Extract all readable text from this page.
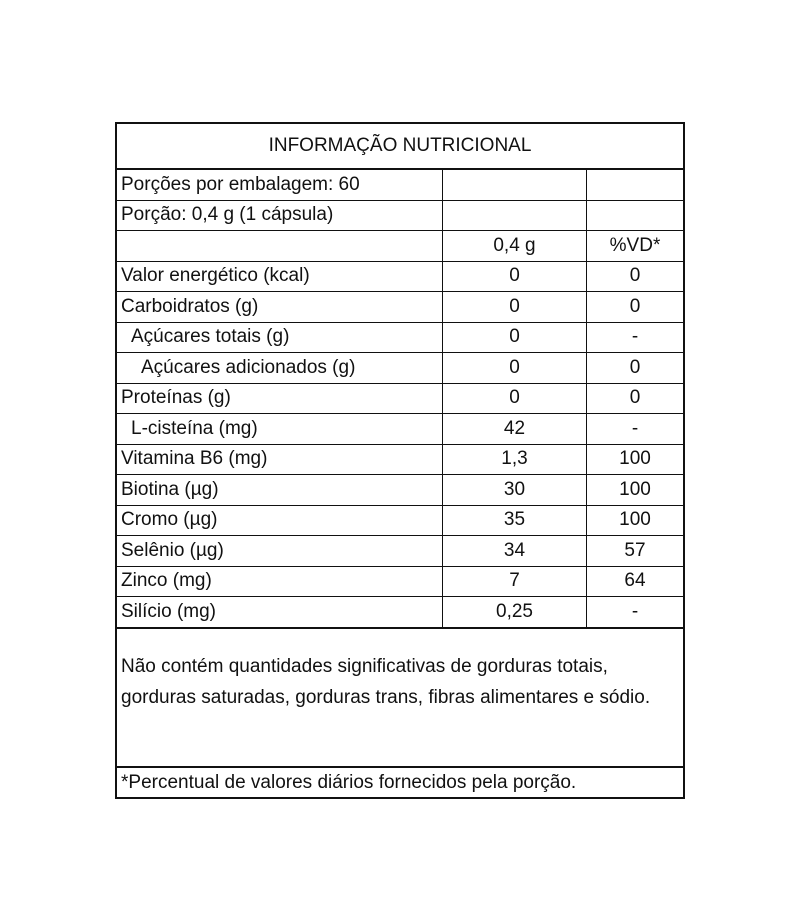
INFORMAÇÃO NUTRICIONAL
Porções por embalagem: 60		
Porção: 0,4 g (1 cápsula)		
	0,4 g	%VD*
Valor energético (kcal)	0	0
Carboidratos (g)	0	0
Açúcares totais (g)	0	-
Açúcares adicionados (g)	0	0
Proteínas (g)	0	0
L-cisteína (mg)	42	-
Vitamina B6 (mg)	1,3	100
Biotina (µg)	30	100
Cromo (µg)	35	100
Selênio (µg)	34	57
Zinco (mg)	7	64
Silício (mg)	0,25	-
Não contém quantidades significativas de gorduras totais, gorduras saturadas, gorduras trans, fibras alimentares e sódio.
*Percentual de valores diários fornecidos pela porção.
